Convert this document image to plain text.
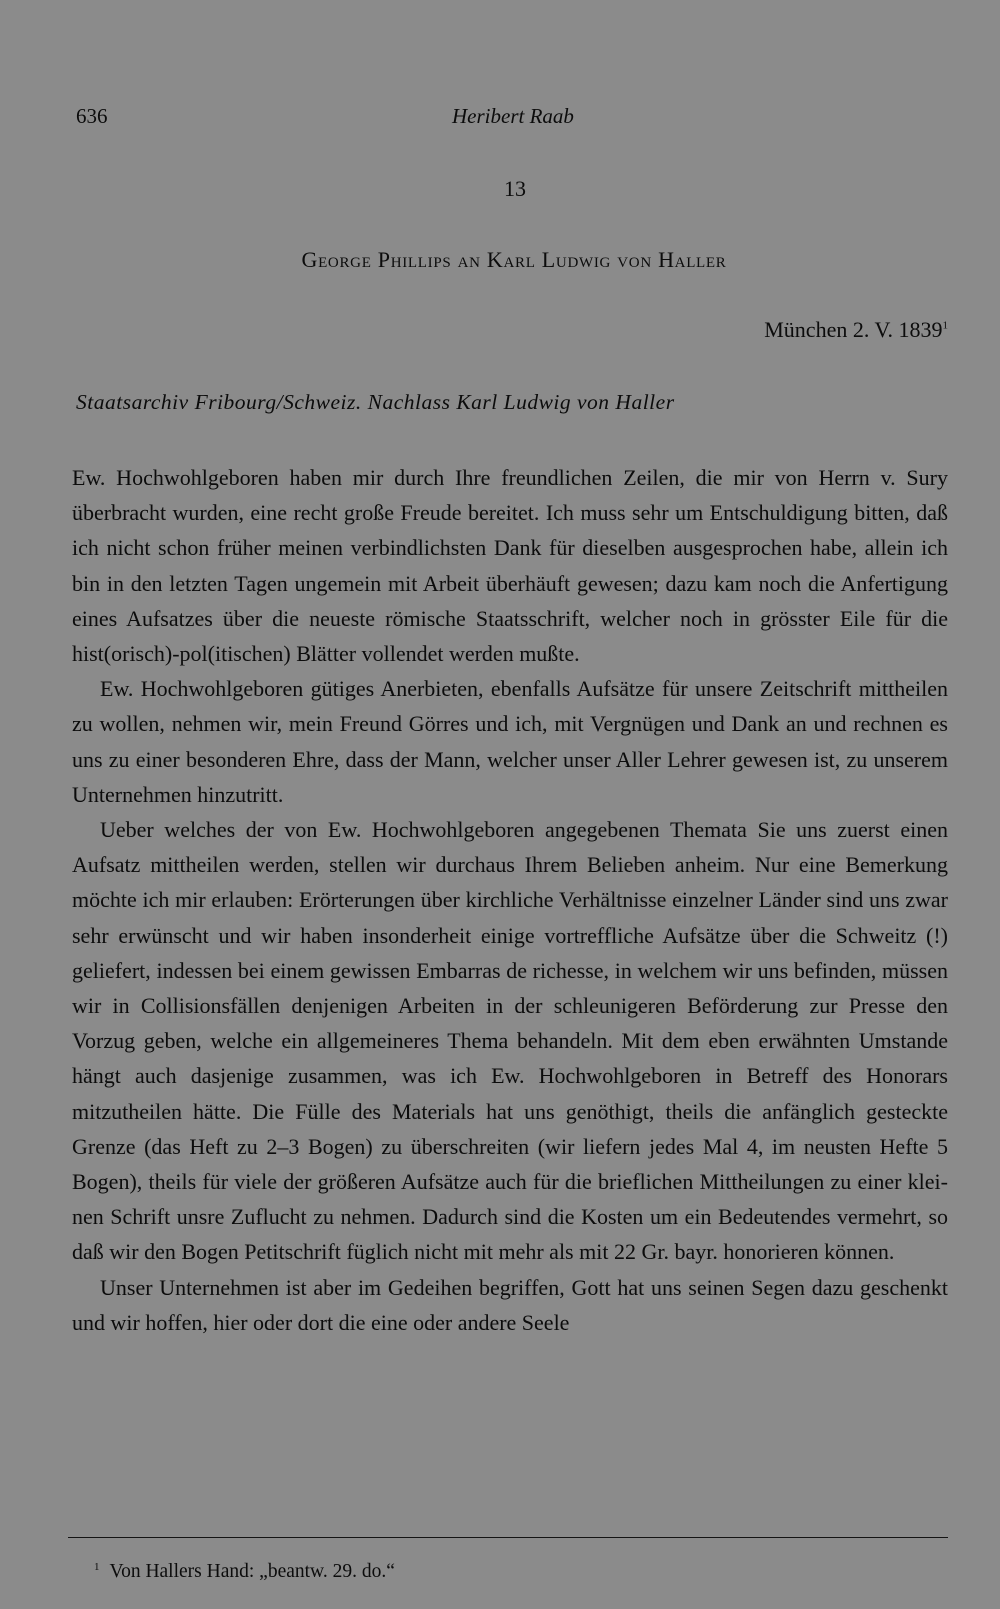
636	Heribert Raab
13
George Phillips an Karl Ludwig von Haller
München 2. V. 1839$^1$
Staatsarchiv Fribourg/Schweiz. Nachlass Karl Ludwig von Haller

Ew. Hochwohlgeboren haben mir durch Ihre freundlichen Zeilen, die mir von Herrn v. Sury überbracht wurden, eine recht große Freude bereitet. Ich muss sehr um Entschuldigung bitten, daß ich nicht schon früher meinen verbindlichsten Dank für dieselben ausgesprochen habe, allein ich bin in den letzten Tagen ungemein mit Arbeit überhäuft gewesen; dazu kam noch die Anfertigung eines Aufsatzes über die neueste römische Staatsschrift, welcher noch in grösster Eile für die hist(orisch)-pol(itischen) Blätter vollendet werden mußte.

Ew. Hochwohlgeboren gütiges Anerbieten, ebenfalls Aufsätze für unsere Zeitschrift mittheilen zu wollen, nehmen wir, mein Freund Görres und ich, mit Vergnügen und Dank an und rechnen es uns zu einer besonderen Ehre, dass der Mann, welcher unser Aller Lehrer gewesen ist, zu unserem Unternehmen hinzutritt.

Ueber welches der von Ew. Hochwohlgeboren angegebenen Themata Sie uns zuerst einen Aufsatz mittheilen werden, stellen wir durchaus Ihrem Belieben anheim. Nur eine Bemerkung möchte ich mir erlauben: Erörterungen über kirchliche Verhältnisse einzelner Länder sind uns zwar sehr erwünscht und wir haben insonderheit einige vortreffliche Aufsätze über die Schweitz (!) geliefert, indessen bei einem gewissen Embarras de richesse, in welchem wir uns befinden, müssen wir in Collisionsfällen denjenigen Arbeiten in der schleunigeren Beförderung zur Presse den Vorzug geben, welche ein allgemeineres Thema behandeln. Mit dem eben erwähnten Umstande hängt auch dasjenige zusammen, was ich Ew. Hochwohlgeboren in Betreff des Honorars mitzutheilen hätte. Die Fülle des Materials hat uns genöthigt, theils die anfänglich gesteckte Grenze (das Heft zu 2–3 Bogen) zu überschreiten (wir liefern jedes Mal 4, im neusten Hefte 5 Bogen), theils für viele der größeren Aufsätze auch für die brieflichen Mittheilungen zu einer kleinen Schrift unsre Zuflucht zu nehmen. Dadurch sind die Kosten um ein Bedeutendes vermehrt, so daß wir den Bogen Petitschrift füglich nicht mit mehr als mit 22 Gr. bayr. honorieren können.

Unser Unternehmen ist aber im Gedeihen begriffen, Gott hat uns seinen Segen dazu geschenkt und wir hoffen, hier oder dort die eine oder andere Seele

$^1$ Von Hallers Hand: „beantw. 29. do.“
